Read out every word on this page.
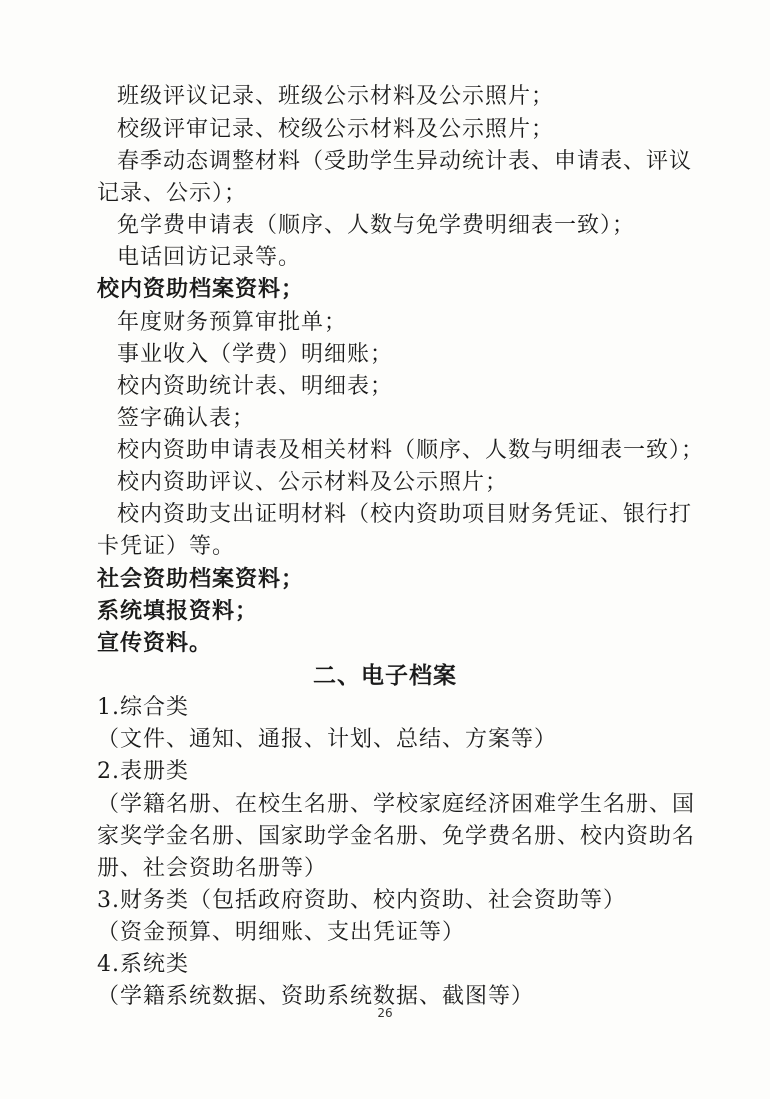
班级评议记录、班级公示材料及公示照片；
校级评审记录、校级公示材料及公示照片；
春季动态调整材料（受助学生异动统计表、申请表、评议
记录、公示）；
免学费申请表（顺序、人数与免学费明细表一致）；
电话回访记录等。
校内资助档案资料；
年度财务预算审批单；
事业收入（学费）明细账；
校内资助统计表、明细表；
签字确认表；
校内资助申请表及相关材料（顺序、人数与明细表一致）；
校内资助评议、公示材料及公示照片；
校内资助支出证明材料（校内资助项目财务凭证、银行打
卡凭证）等。
社会资助档案资料；
系统填报资料；
宣传资料。
二、电子档案
1.综合类
（文件、通知、通报、计划、总结、方案等）
2.表册类
（学籍名册、在校生名册、学校家庭经济困难学生名册、国
家奖学金名册、国家助学金名册、免学费名册、校内资助名
册、社会资助名册等）
3.财务类（包括政府资助、校内资助、社会资助等）
（资金预算、明细账、支出凭证等）
4.系统类
（学籍系统数据、资助系统数据、截图等）
26
